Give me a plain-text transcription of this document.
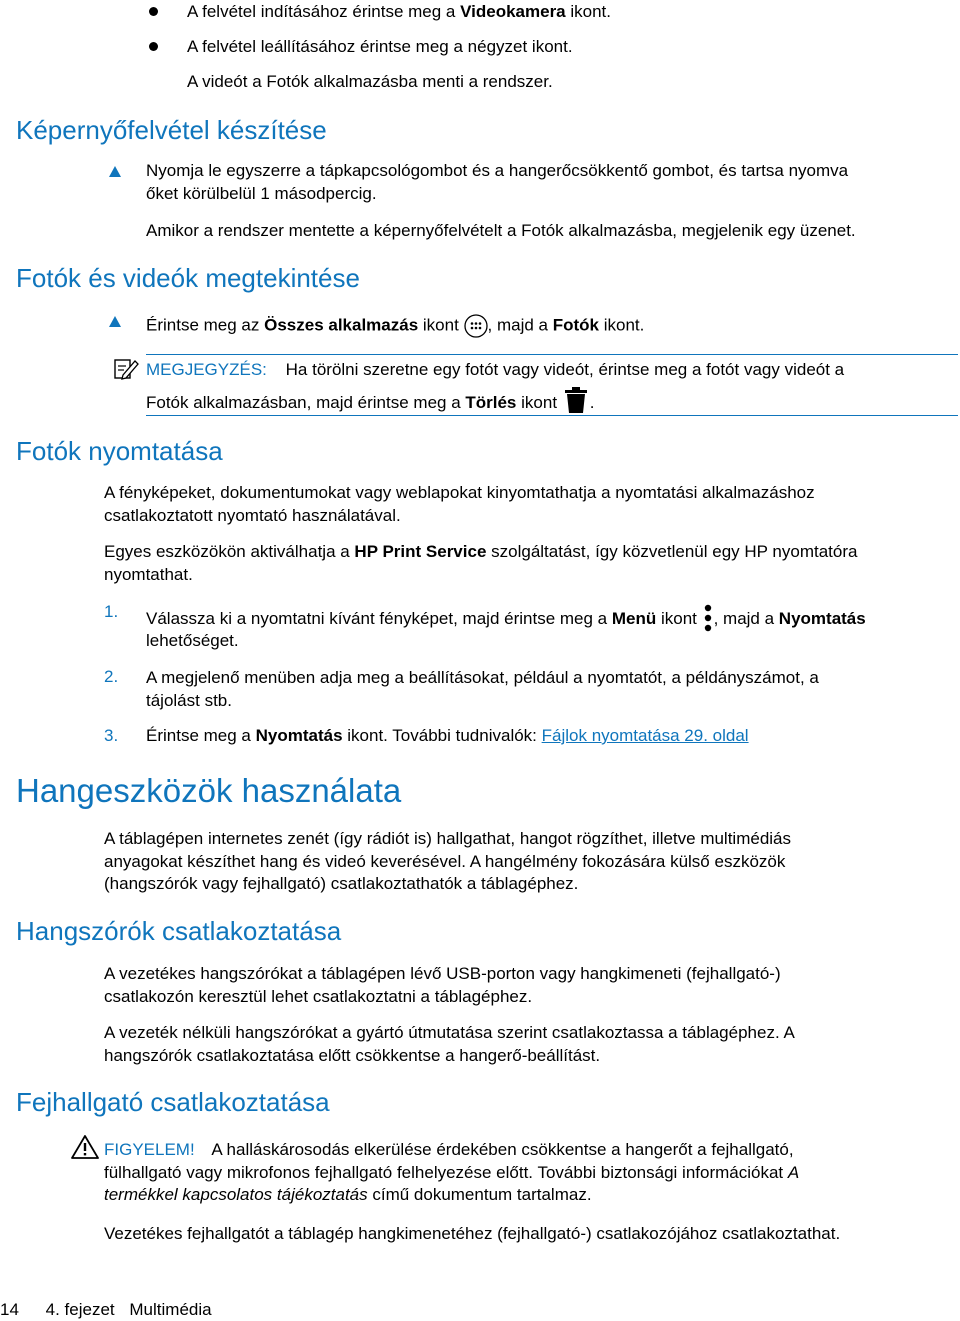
A felvétel indításához érintse meg a Videokamera ikont.
A felvétel leállításához érintse meg a négyzet ikont.
A videót a Fotók alkalmazásba menti a rendszer.
Képernyőfelvétel készítése
Nyomja le egyszerre a tápkapcsológombot és a hangerőcsökkentő gombot, és tartsa nyomva
őket körülbelül 1 másodpercig.
Amikor a rendszer mentette a képernyőfelvételt a Fotók alkalmazásba, megjelenik egy üzenet.
Fotók és videók megtekintése
Érintse meg az Összes alkalmazás ikont , majd a Fotók ikont.
MEGJEGYZÉS: Ha törölni szeretne egy fotót vagy videót, érintse meg a fotót vagy videót a
Fotók alkalmazásban, majd érintse meg a Törlés ikont .
Fotók nyomtatása
A fényképeket, dokumentumokat vagy weblapokat kinyomtathatja a nyomtatási alkalmazáshoz
csatlakoztatott nyomtató használatával.
Egyes eszközökön aktiválhatja a HP Print Service szolgáltatást, így közvetlenül egy HP nyomtatóra
nyomtathat.
1. Válassza ki a nyomtatni kívánt fényképet, majd érintse meg a Menü ikont , majd a Nyomtatás
lehetőséget.
2. A megjelenő menüben adja meg a beállításokat, például a nyomtatót, a példányszámot, a
tájolást stb.
3. Érintse meg a Nyomtatás ikont. További tudnivalók: Fájlok nyomtatása 29. oldal
Hangeszközök használata
A táblagépen internetes zenét (így rádiót is) hallgathat, hangot rögzíthet, illetve multimédiás
anyagokat készíthet hang és videó keverésével. A hangélmény fokozására külső eszközök
(hangszórók vagy fejhallgató) csatlakoztathatók a táblagéphez.
Hangszórók csatlakoztatása
A vezetékes hangszórókat a táblagépen lévő USB-porton vagy hangkimeneti (fejhallgató-)
csatlakozón keresztül lehet csatlakoztatni a táblagéphez.
A vezeték nélküli hangszórókat a gyártó útmutatása szerint csatlakoztassa a táblagéphez. A
hangszórók csatlakoztatása előtt csökkentse a hangerő-beállítást.
Fejhallgató csatlakoztatása
FIGYELEM! A halláskárosodás elkerülése érdekében csökkentse a hangerőt a fejhallgató,
fülhallgató vagy mikrofonos fejhallgató felhelyezése előtt. További biztonsági információkat A
termékkel kapcsolatos tájékoztatás című dokumentum tartalmaz.
Vezetékes fejhallgatót a táblagép hangkimenetéhez (fejhallgató-) csatlakozójához csatlakoztathat.
14 4. fejezet Multimédia
